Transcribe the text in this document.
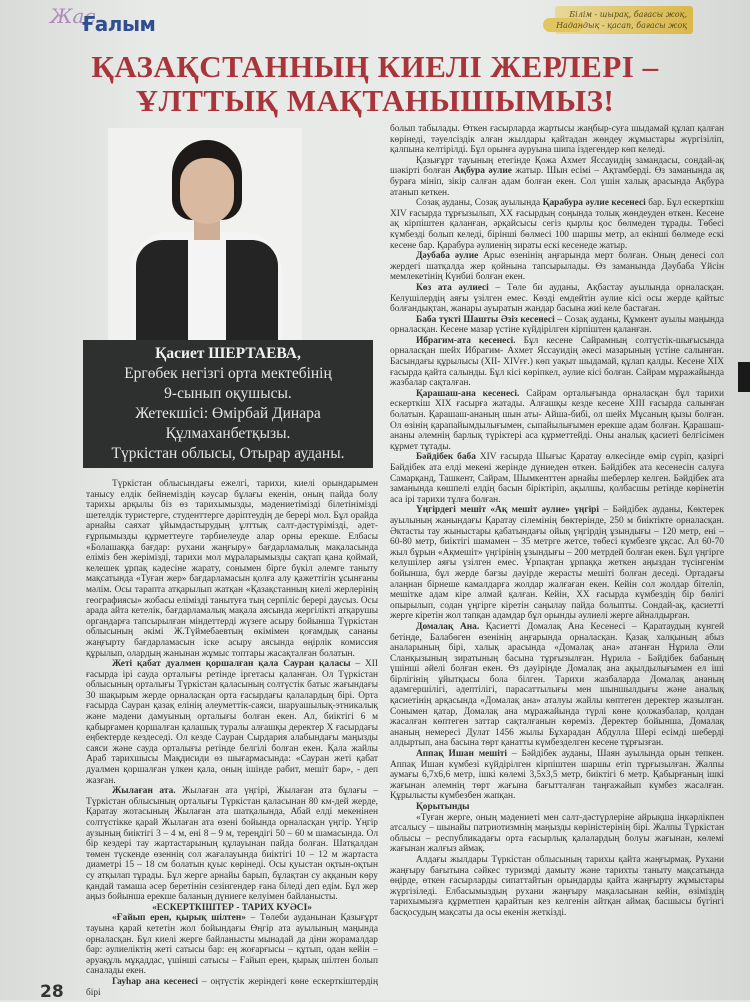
Жас
Ғалым	Білім - шырақ, бағасы жоқ,
Надандық - қасап, бағасы жоқ
ҚАЗАҚСТАННЫҢ КИЕЛІ ЖЕРЛЕРІ –
ҰЛТТЫҚ МАҚТАНЫШЫМЫЗ!
Қасиет ШЕРТАЕВА,
Ергөбек негізгі орта мектебінің
9-сынып оқушысы.
Жетекшісі: Өмірбай Динара
Құлмаханбетқызы.
Түркістан облысы, Отырар ауданы.

Түркістан облысындағы ежелгі, тарихи, киелі орындарымен танысу елдік бейнеміздің кәусар бұлағы екенін, оның пайда болу тарихы арқылы біз өз тарихымызды, мәдениетімізді білетінімізді шетелдік туристерге, студенттерге дәріптеудің де берері мол. Бұл орайда арнайы саяхат ұйымдастырудың ұлттық салт-дәстүрімізді, әдет-ғұрпымызды құрметтеуге тәрбиелеуде алар орны ерекше. Елбасы «Болашаққа бағдар: рухани жаңғыру» бағдарламалық мақаласында еліміз бен жерімізді, тарихи мол мұраларымызды сақтап қана қоймай, келешек ұрпақ кәдесіне жарату, сонымен бірге бүкіл әлемге таныту мақсатында «Туған жер» бағдарламасын қолға алу қажеттігін ұсынғаны мәлім. Осы тарапта атқарылып жатқан «Қазақстанның киелі жерлерінің географиясы» жобасы елімізді танытуға тың серпіліс берері даусыз. Осы арада айта кетелік, бағдарламалық мақала аясында жергілікті атқарушы органдарға тапсырылған міндеттерді жүзеге асыру бойынша Түркістан облысының әкімі Ж.Түймебаевтың өкімімен қоғамдық сананы жаңғырту бағдарламасын іске асыру аясында өңірлік комиссия құрылып, олардың жанынан жұмыс топтары жасақталған болатын.

Жеті қабат дуалмен қоршалған қала Сауран қаласы – XII ғасырда ірі сауда орталығы ретінде іргетасы қаланған. Ол Түркістан облысының орталығы Түркістан қаласының солтүстік батыс жағындағы 30 шақырым жерде орналасқан орта ғасырдағы қалалардың бірі. Орта ғасырда Сауран қазақ елінің әлеуметтік-саяси, шаруашылық-этникалық және мәдени дамуының орталығы болған екен. Ал, биіктігі 6 м қабырғамен қоршалған қалашық туралы алғашқы деректер X ғасырдағы еңбектерде кездеседі. Ол кезде Сауран Сырдария алабындағы маңызды саяси және сауда орталығы ретінде белгілі болған екен. Қала жайлы Араб тарихшысы Мақдисиди өз шығармасында: «Сауран жеті қабат дуалмен қоршалған үлкен қала, оның ішінде рабит, мешіт бар», - деп жазған.

Жылаған ата. Жылаған ата үңгірі, Жылаған ата бұлағы – Түркістан облысының орталығы Түркістан қаласынан 80 км-дей жерде, Қаратау жотасының Жылаған ата шатқалында, Абай елді мекенінен солтүстікке қарай Жылаған ата өзені бойында орналасқан үңгір. Үңгір аузының биіктігі 3 – 4 м, ені 8 – 9 м, тереңдігі 50 – 60 м шамасында. Ол бір кездері тау жартастарының құлауынан пайда болған. Шатқалдан төмен түскенде өзеннің сол жағалауында биіктігі 10 – 12 м жартаста диаметрі 15 – 18 см болатын қуыс көрінеді. Осы қуыстан оқтын-оқтын су атқылап тұрады. Бұл жерге арнайы барып, бұлақтан су аққанын көру қандай тамаша әсер беретінін сезінгендер ғана біледі деп едім. Бұл жер аңыз бойынша ерекше баланың дүниеге келуімен байланысты.

«ЕСКЕРТКІШТЕР - ТАРИХ КУӘСІ»

«Ғайып ерен, қырық шілтен» – Төлеби ауданынан Қазығұрт тауына қарай кететін жол бойындағы Өңгір ата ауылының маңында орналасқан. Бұл киелі жерге байланысты мынадай да діни жорамалдар бар: әулиеліктің жеті сатысы бар: ең жоғарғысы – құтып, одан кейін – әруақұль мұқаддас, үшінші сатысы – Ғайып ерен, қырық шілтен болып саналады екен.

Гауһар ана кесенесі – оңтүстік жеріндегі көне ескерткіштердің бірі

болып табылады. Өткен ғасырларда жартысы жаңбыр-суға шыдамай құлап қалған көрінеді, тәуелсіздік алған жылдары қайтадан жөндеу жұмыстары жүргізіліп, қалпына келтірілді. Бұл орынға ауруына шипа іздегендер көп келеді.

Қазығұрт тауының етегінде Қожа Ахмет Яссауидің замандасы, сондай-ақ шәкірті болған Ақбура әулие жатыр. Шын есімі – Ақтамберді. Өз заманында ақ бураға мініп, зікір салған адам болған екен. Сол үшін халық арасында Ақбура атанып кеткен.

Созақ ауданы, Созақ ауылында Қарабура әулие кесенесі бар. Бұл ескерткіш XIV ғасырда тұрғызылып, XX ғасырдың соңында толық жөндеуден өткен. Кесене ақ кірпіштен қаланған, әрқайсысы сегіз қырлы қос бөлмеден тұрады. Төбесі күмбезді болып келеді, бірінші бөлмесі 100 шаршы метр, ал екінші бөлмеде ескі кесене бар. Қарабура әулиенің зираты ескі кесенеде жатыр.

Дәубаба әулие Арыс өзенінің аңғарында мерт болған. Оның денесі сол жердегі шатқалда жер қойнына тапсырылады. Өз заманында Дәубаба Үйсін мемлекетінің Күнбиі болған екен.

Көз ата әулиесі – Төле би ауданы, Ақбастау ауылында орналасқан. Келушілердің аяғы үзілген емес. Көзді емдейтін әулие кісі осы жерде қайтыс болғандықтан, жанары ауыратын жандар басына жиі келе бастаған.

Баба түкті Шашты Әзіз кесенесі – Созақ ауданы, Құмкент ауылы маңында орналасқан. Кесене мазар үстіне күйдірілген кірпіштен қаланған.

Ибрагим-ата кесенесі. Бұл кесене Сайрамның солтүстік-шығысында орналасқан шейх Ибрагим- Ахмет Яссауидің әкесі мазарының үстіне салынған. Басындағы құрылысы (XII- XIVғғ.) көп уақыт шыдамай, құлап қалды. Кесене XIX ғасырда қайта салынды. Бұл кісі көріпкел, әулие кісі болған. Сайрам мұражайында жазбалар сақталған.

Қарашаш-ана кесенесі. Сайрам орталығында орналасқан бұл тарихи ескерткіш XIX ғасырға жатады. Алғашқы кезде кесене XIII ғасырда салынған болатын. Қарашаш-ананың шын аты- Айша-бибі, ол шейх Мұсаның қызы болған. Ол өзінің қарапайымдылығымен, сыпайылығымен ерекше адам болған. Қарашаш-ананы әлемнің барлық түріктері аса құрметтейді. Оны аналық қасиеті белгісімен құрмет тұтады.

Бәйдібек баба XIV ғасырда Шығыс Қаратау өлкесінде өмір сүріп, қазіргі Бәйдібек ата елді мекені жерінде дүниеден өткен. Бәйдібек ата кесенесін салуға Самарқанд, Ташкент, Сайрам, Шымкенттен арнайы шеберлер келген. Бәйдібек ата заманында көшпелі елдің басын біріктіріп, ақылшы, қолбасшы ретінде көрінетін аса ірі тарихи тұлға болған.

Үңгірдегі мешіт «Ақ мешіт әулие» үңгірі – Бәйдібек ауданы, Көктерек ауылының жанындағы Қаратау сілемінің бөктерінде, 250 м биіктікте орналасқан. Әктасты тау жыныстары қабатындағы ойық үңгірдің ұзындығы – 120 метр, ені – 60-80 метр, биіктігі шамамен – 35 метрге жетсе, төбесі күмбезге ұқсас. Ал 60-70 жыл бұрын «Ақмешіт» үңгірінің ұзындығы – 200 метрдей болған екен. Бұл үңгірге келушілер аяғы үзілген емес. Ұрпақтан ұрпаққа жеткен аңыздан түсінгенім бойынша, бұл жерде бағзы дәуірде жерасты мешіті болған деседі. Ортадағы алаңнан бірнеше камалдарға жолдар жалғаған екен. Кейін сол жолдар бітеліп, мешітке адам кіре алмай қалған. Кейін, XX ғасырда күмбездің бір бөлігі опырылып, содан үңгірге кіретін саңылау пайда болыпты. Сондай-ақ, қасиетті жерге кіретін жол тапқан адамдар бұл орынды әулиелі жерге айналдырған.

Домалақ Ана. Қасиетті Домалақ Ана Кесенесі – Қаратаудың күнгей бетінде, Балабөген өзенінің аңғарында орналасқан. Қазақ халқының абыз аналарының бірі, халық арасында «Домалақ ана» атанған Нұрила Әли Сланқызының зиратының басына тұрғызылған. Нұрила - Бәйдібек бабаның үшінші әйелі болған екен. Өз дәуірінде Домалақ ана ақылдылығымен ел іші бірлігінің ұйытқысы бола білген. Тарихи жазбаларда Домалақ ананың адамгершілігі, әдептілігі, парасаттылығы мен шыншылдығы және аналық қасиетінің арқасында «Домалақ ана» аталуы жайлы көптеген деректер жазылған. Сонымен қатар, Домалақ ана мұражайында түрлі көне қолжазбалар, қолдан жасалған көптеген заттар сақталғанын көреміз. Деректер бойынша, Домалақ ананың немересі Дулат 1456 жылы Бұхарадан Абдулла Шері есімді шеберді алдыртып, ана басына төрт қанатты күмбезделген кесене тұрғызған.

Аппақ Ишан мешіті – Бәйдібек ауданы, Шаян ауылында орын тепкен. Аппақ Ишан күмбезі күйдірілген кірпіштен шаршы етіп тұрғызылған. Жалпы аумағы 6,7х6,6 метр, ішкі көлемі 3,5х3,5 метр, биіктігі 6 метр. Қабырғаның ішкі жағынан әлемнің төрт жағына бағытталған таңғажайып күмбез жасалған. Құрылысты күмбезбен жапқан.

Қорытынды

«Туған жерге, оның мәдениеті мен салт-дәстүрлеріне айрықша іңкәрлікпен атсалысу – шынайы патриотизмнің маңызды көріністерінің бірі. Жалпы Түркістан облысы – республикадағы орта ғасырлық қалалардың болуы жағынан, көлемі жағынан жалғыз аймақ.

Алдағы жылдары Түркістан облысының тарихы қайта жаңғырмақ. Рухани жаңғыру бағытына сәйкес туризмді дамыту және тарихты таныту мақсатында өңірде, өткен ғасырларды сипаттайтын орындарды қайта жаңғырту жұмыстары жүргізіледі. Елбасымыздың рухани жаңғыру мақаласынан кейін, өзіміздің тарихымызға құрметпен қарайтын кез келгенін айтқан аймақ басшысы бүгінгі басқосудың мақсаты да осы екенін жеткізді.

28
